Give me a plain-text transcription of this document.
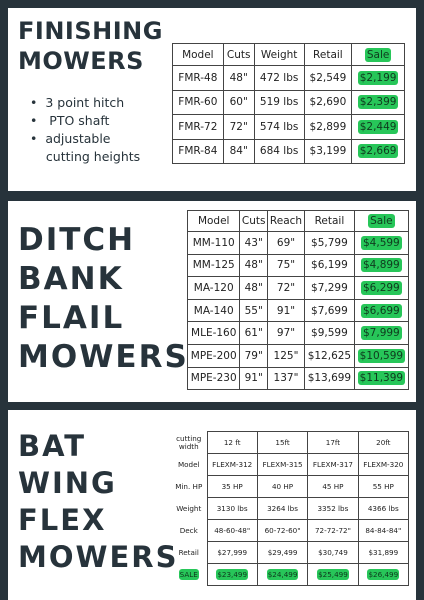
FINISHING
MOWERS
•  3 point hitch
•   PTO shaft
•  adjustable
cutting heights
Model	Cuts	Weight	Retail	Sale
FMR-48	48"	472 lbs	$2,549	$2,199
FMR-60	60"	519 lbs	$2,690	$2,399
FMR-72	72"	574 lbs	$2,899	$2,449
FMR-84	84"	684 lbs	$3,199	$2,669
DITCH
BANK
FLAIL
MOWERS
Model	Cuts	Reach	Retail	Sale
MM-110	43"	69"	$5,799	$4,599
MM-125	48"	75"	$6,199	$4,899
MA-120	48"	72"	$7,299	$6,299
MA-140	55"	91"	$7,699	$6,699
MLE-160	61"	97"	$9,599	$7,999
MPE-200	79"	125"	$12,625	$10,599
MPE-230	91"	137"	$13,699	$11,399
BAT
WING
FLEX
MOWERS
cutting
width	12 ft	15ft	17ft	20ft
Model	FLEXM-312	FLEXM-315	FLEXM-317	FLEXM-320
Min. HP	35 HP	40 HP	45 HP	55 HP
Weight	3130 lbs	3264 lbs	3352 lbs	4366 lbs
Deck	48-60-48"	60-72-60"	72-72-72"	84-84-84"
Retail	$27,999	$29,499	$30,749	$31,899
SALE	$23,499	$24,499	$25,499	$26,499
